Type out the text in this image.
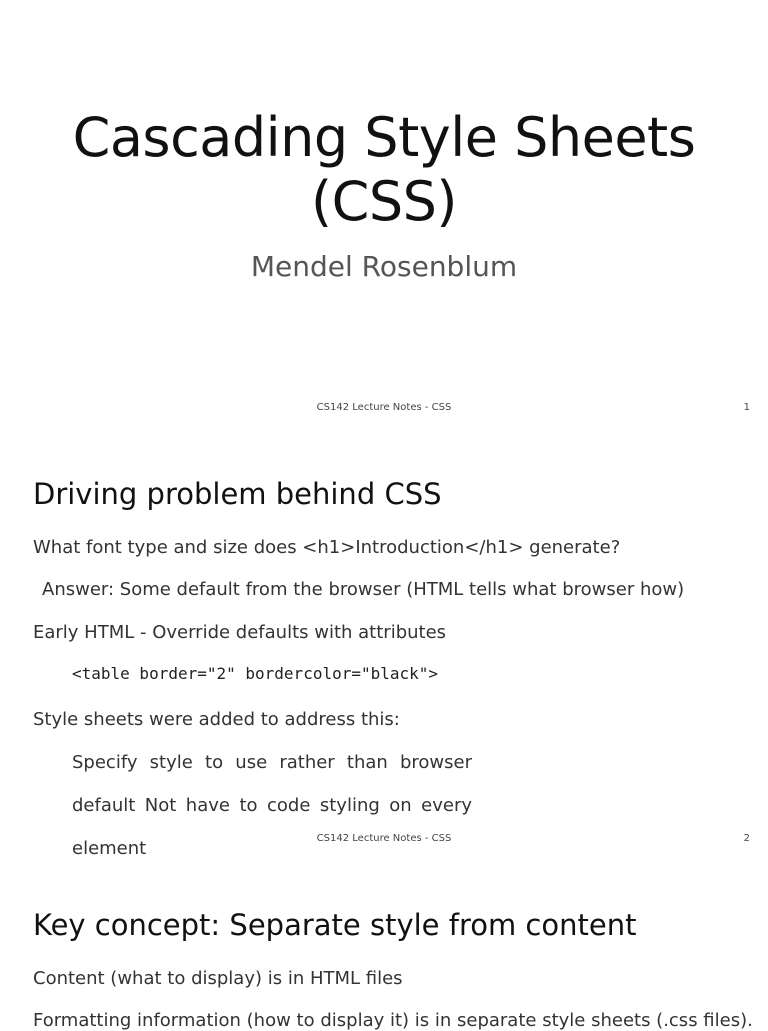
Cascading Style Sheets (CSS)
Mendel Rosenblum
CS142 Lecture Notes - CSS	1
Driving problem behind CSS
What font type and size does <h1>Introduction</h1> generate?
Answer: Some default from the browser (HTML tells what browser how)
Early HTML - Override defaults with attributes
<table border="2" bordercolor="black">
Style sheets were added to address this:

Specify style to use rather than browser default Not have to code styling on every element	CS142 Lecture Notes - CSS	2
Key concept: Separate style from content
Content (what to display) is in HTML files
Formatting information (how to display it) is in separate style sheets (.css files).
